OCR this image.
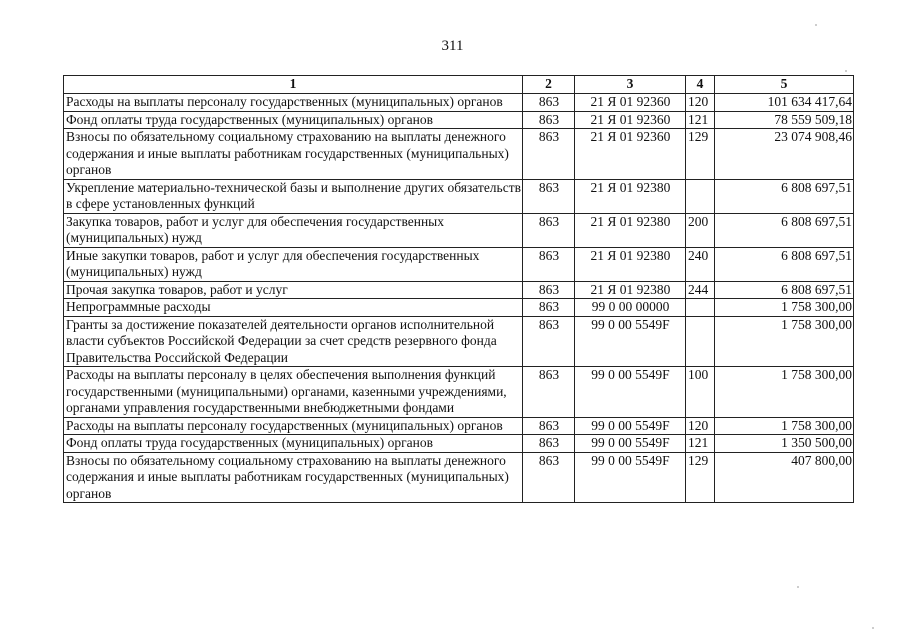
311
1	2	3	4	5
Расходы на выплаты персоналу государственных (муниципальных) органов	863	21 Я 01 92360	120	101 634 417,64
Фонд оплаты труда государственных (муниципальных) органов	863	21 Я 01 92360	121	78 559 509,18
Взносы по обязательному социальному страхованию на выплаты денежного содержания и иные выплаты работникам государственных (муниципальных) органов	863	21 Я 01 92360	129	23 074 908,46
Укрепление материально-технической базы и выполнение других обязательств в сфере установленных функций	863	21 Я 01 92380		6 808 697,51
Закупка товаров, работ и услуг для обеспечения государственных (муниципальных) нужд	863	21 Я 01 92380	200	6 808 697,51
Иные закупки товаров, работ и услуг для обеспечения государственных (муниципальных) нужд	863	21 Я 01 92380	240	6 808 697,51
Прочая закупка товаров, работ и услуг	863	21 Я 01 92380	244	6 808 697,51
Непрограммные расходы	863	99 0 00 00000		1 758 300,00
Гранты за достижение показателей деятельности органов исполнительной власти субъектов Российской Федерации за счет средств резервного фонда Правительства Российской Федерации	863	99 0 00 5549F		1 758 300,00
Расходы на выплаты персоналу в целях обеспечения выполнения функций государственными (муниципальными) органами, казенными учреждениями, органами управления государственными внебюджетными фондами	863	99 0 00 5549F	100	1 758 300,00
Расходы на выплаты персоналу государственных (муниципальных) органов	863	99 0 00 5549F	120	1 758 300,00
Фонд оплаты труда государственных (муниципальных) органов	863	99 0 00 5549F	121	1 350 500,00
Взносы по обязательному социальному страхованию на выплаты денежного содержания и иные выплаты работникам государственных (муниципальных) органов	863	99 0 00 5549F	129	407 800,00
